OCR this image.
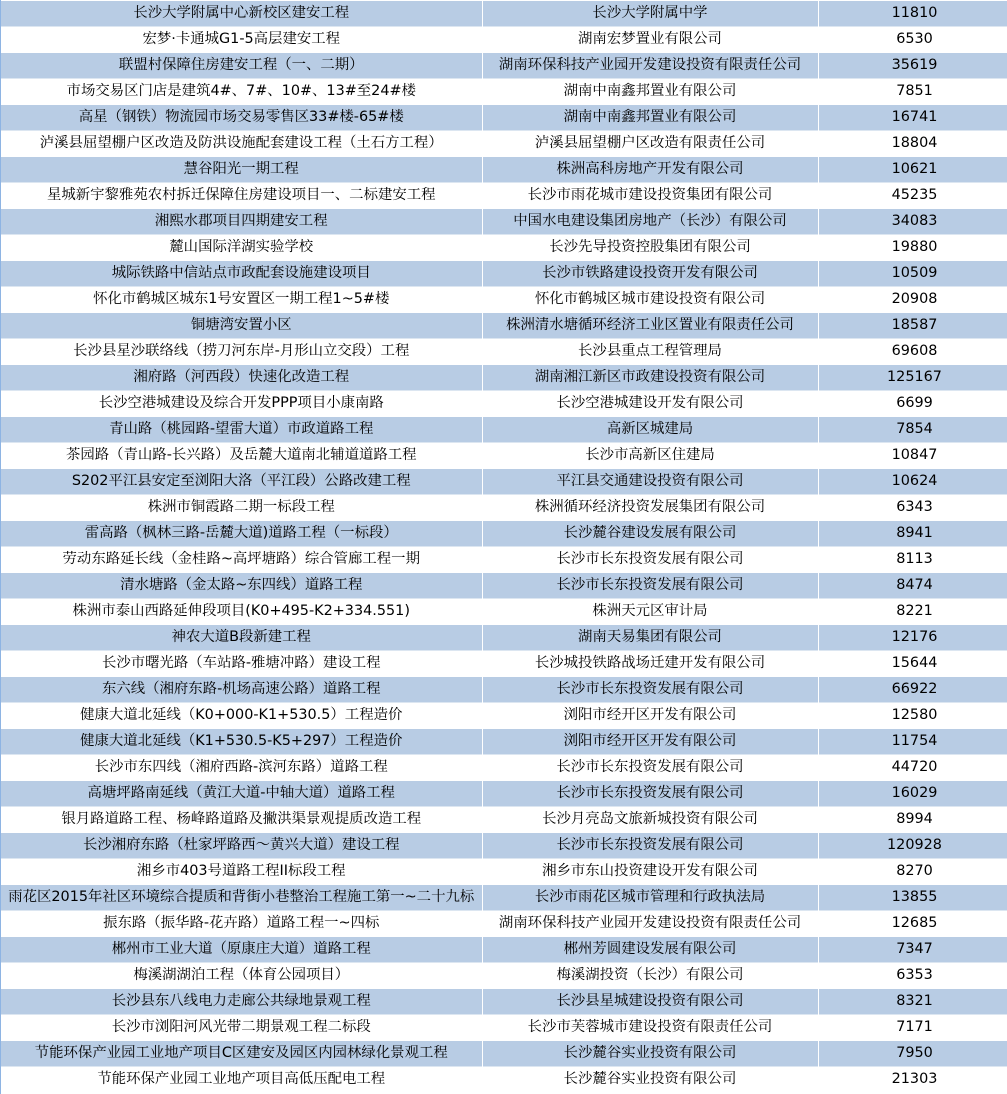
长沙大学附属中心新校区建安工程	长沙大学附属中学	11810
宏梦·卡通城G1-5高层建安工程	湖南宏梦置业有限公司	6530
联盟村保障住房建安工程（一、二期）	湖南环保科技产业园开发建设投资有限责任公司	35619
市场交易区门店是建筑4#、7#、10#、13#至24#楼	湖南中南鑫邦置业有限公司	7851
高星（钢铁）物流园市场交易零售区33#楼-65#楼	湖南中南鑫邦置业有限公司	16741
泸溪县屈望棚户区改造及防洪设施配套建设工程（土石方工程）	泸溪县屈望棚户区改造有限责任公司	18804
慧谷阳光一期工程	株洲高科房地产开发有限公司	10621
星城新宇黎雅苑农村拆迁保障住房建设项目一、二标建安工程	长沙市雨花城市建设投资集团有限公司	45235
湘熙水郡项目四期建安工程	中国水电建设集团房地产（长沙）有限公司	34083
麓山国际洋湖实验学校	长沙先导投资控股集团有限公司	19880
城际铁路中信站点市政配套设施建设项目	长沙市铁路建设投资开发有限公司	10509
怀化市鹤城区城东1号安置区一期工程1~5#楼	怀化市鹤城区城市建设投资有限公司	20908
铜塘湾安置小区	株洲清水塘循环经济工业区置业有限责任公司	18587
长沙县星沙联络线（捞刀河东岸-月形山立交段）工程	长沙县重点工程管理局	69608
湘府路（河西段）快速化改造工程	湖南湘江新区市政建设投资有限公司	125167
长沙空港城建设及综合开发PPP项目小康南路	长沙空港城建设开发有限公司	6699
青山路（桃园路-望雷大道）市政道路工程	高新区城建局	7854
茶园路（青山路-长兴路）及岳麓大道南北辅道道路工程	长沙市高新区住建局	10847
S202平江县安定至浏阳大洛（平江段）公路改建工程	平江县交通建设投资有限公司	10624
株洲市铜霞路二期一标段工程	株洲循环经济投资发展集团有限公司	6343
雷高路（枫林三路-岳麓大道)道路工程（一标段）	长沙麓谷建设发展有限公司	8941
劳动东路延长线（金桂路~高坪塘路）综合管廊工程一期	长沙市长东投资发展有限公司	8113
清水塘路（金太路~东四线）道路工程	长沙市长东投资发展有限公司	8474
株洲市泰山西路延伸段项目(K0+495-K2+334.551)	株洲天元区审计局	8221
神农大道B段新建工程	湖南天易集团有限公司	12176
长沙市曙光路（车站路-雅塘冲路）建设工程	长沙城投铁路战场迁建开发有限公司	15644
东六线（湘府东路-机场高速公路）道路工程	长沙市长东投资发展有限公司	66922
健康大道北延线（K0+000-K1+530.5）工程造价	浏阳市经开区开发有限公司	12580
健康大道北延线（K1+530.5-K5+297）工程造价	浏阳市经开区开发有限公司	11754
长沙市东四线（湘府西路-滨河东路）道路工程	长沙市长东投资发展有限公司	44720
高塘坪路南延线（黄江大道-中轴大道）道路工程	长沙市长东投资发展有限公司	16029
银月路道路工程、杨峰路道路及撇洪渠景观提质改造工程	长沙月亮岛文旅新城投资有限公司	8994
长沙湘府东路（杜家坪路西～黄兴大道）建设工程	长沙市长东投资发展有限公司	120928
湘乡市403号道路工程II标段工程	湘乡市东山投资建设开发有限公司	8270
雨花区2015年社区环境综合提质和背街小巷整治工程施工第一~二十九标	长沙市雨花区城市管理和行政执法局	13855
振东路（振华路-花卉路）道路工程一~四标	湖南环保科技产业园开发建设投资有限责任公司	12685
郴州市工业大道（原康庄大道）道路工程	郴州芳圆建设发展有限公司	7347
梅溪湖湖泊工程（体育公园项目）	梅溪湖投资（长沙）有限公司	6353
长沙县东八线电力走廊公共绿地景观工程	长沙县星城建设投资有限公司	8321
长沙市浏阳河风光带二期景观工程二标段	长沙市芙蓉城市建设投资有限责任公司	7171
节能环保产业园工业地产项目C区建安及园区内园林绿化景观工程	长沙麓谷实业投资有限公司	7950
节能环保产业园工业地产项目高低压配电工程	长沙麓谷实业投资有限公司	21303
